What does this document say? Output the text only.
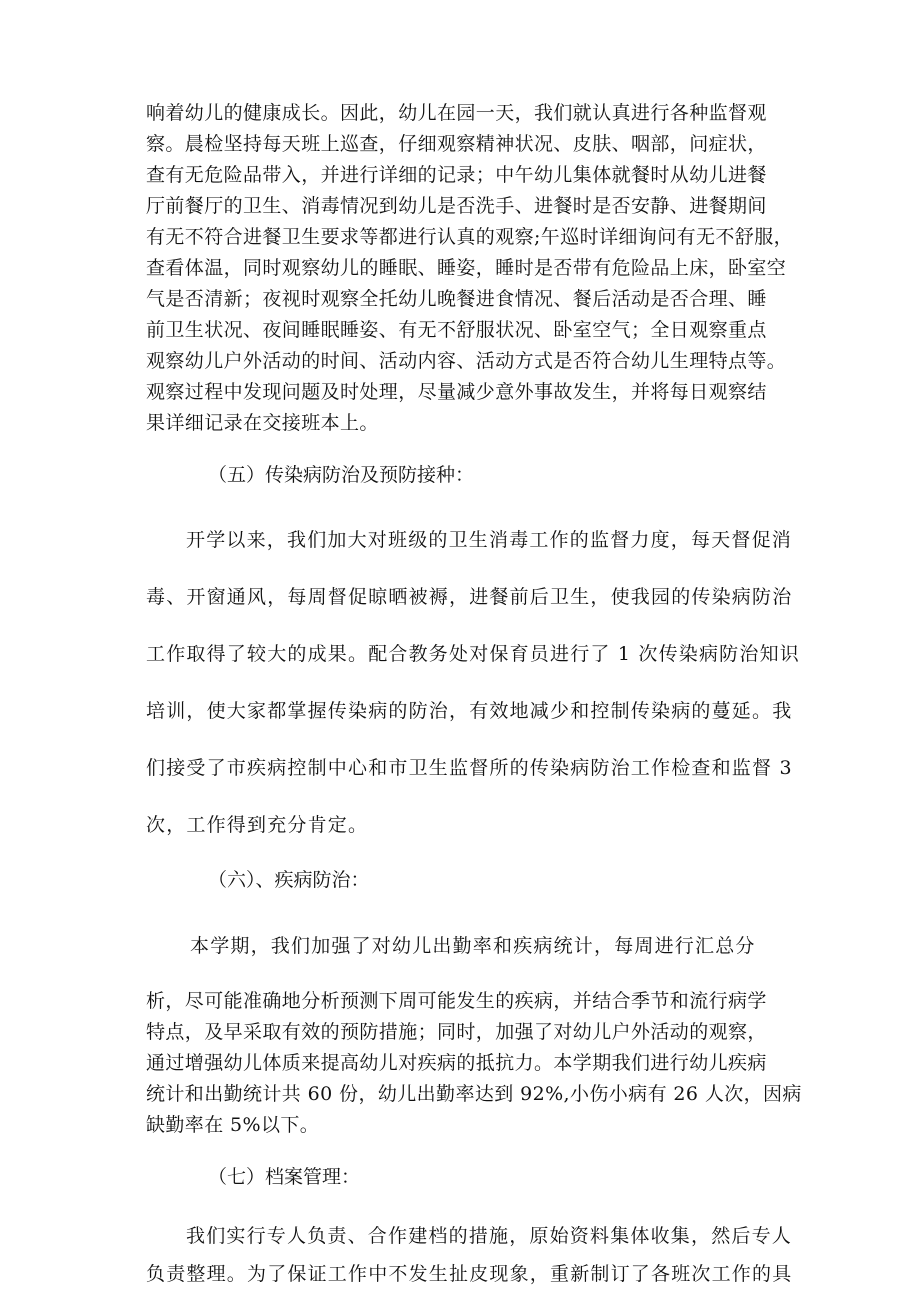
响着幼儿的健康成长。因此，幼儿在园一天，我们就认真进行各种监督观
察。晨检坚持每天班上巡查，仔细观察精神状况、皮肤、咽部，问症状，
查有无危险品带入，并进行详细的记录；中午幼儿集体就餐时从幼儿进餐
厅前餐厅的卫生、消毒情况到幼儿是否洗手、进餐时是否安静、进餐期间
有无不符合进餐卫生要求等都进行认真的观察;午巡时详细询问有无不舒服，
查看体温，同时观察幼儿的睡眠、睡姿，睡时是否带有危险品上床，卧室空
气是否清新；夜视时观察全托幼儿晚餐进食情况、餐后活动是否合理、睡
前卫生状况、夜间睡眠睡姿、有无不舒服状况、卧室空气；全日观察重点
观察幼儿户外活动的时间、活动内容、活动方式是否符合幼儿生理特点等。
观察过程中发现问题及时处理，尽量减少意外事故发生，并将每日观察结
果详细记录在交接班本上。
（五）传染病防治及预防接种：
开学以来，我们加大对班级的卫生消毒工作的监督力度，每天督促消
毒、开窗通风，每周督促晾晒被褥，进餐前后卫生，使我园的传染病防治
工作取得了较大的成果。配合教务处对保育员进行了 1 次传染病防治知识
培训，使大家都掌握传染病的防治，有效地减少和控制传染病的蔓延。我
们接受了市疾病控制中心和市卫生监督所的传染病防治工作检查和监督 3
次，工作得到充分肯定。
（六）、疾病防治：
本学期，我们加强了对幼儿出勤率和疾病统计，每周进行汇总分
析，尽可能准确地分析预测下周可能发生的疾病，并结合季节和流行病学
特点，及早采取有效的预防措施；同时，加强了对幼儿户外活动的观察，
通过增强幼儿体质来提高幼儿对疾病的抵抗力。本学期我们进行幼儿疾病
统计和出勤统计共 60 份，幼儿出勤率达到 92%,小伤小病有 26 人次，因病
缺勤率在 5%以下。
（七）档案管理：
我们实行专人负责、合作建档的措施，原始资料集体收集，然后专人
负责整理。为了保证工作中不发生扯皮现象，重新制订了各班次工作的具
